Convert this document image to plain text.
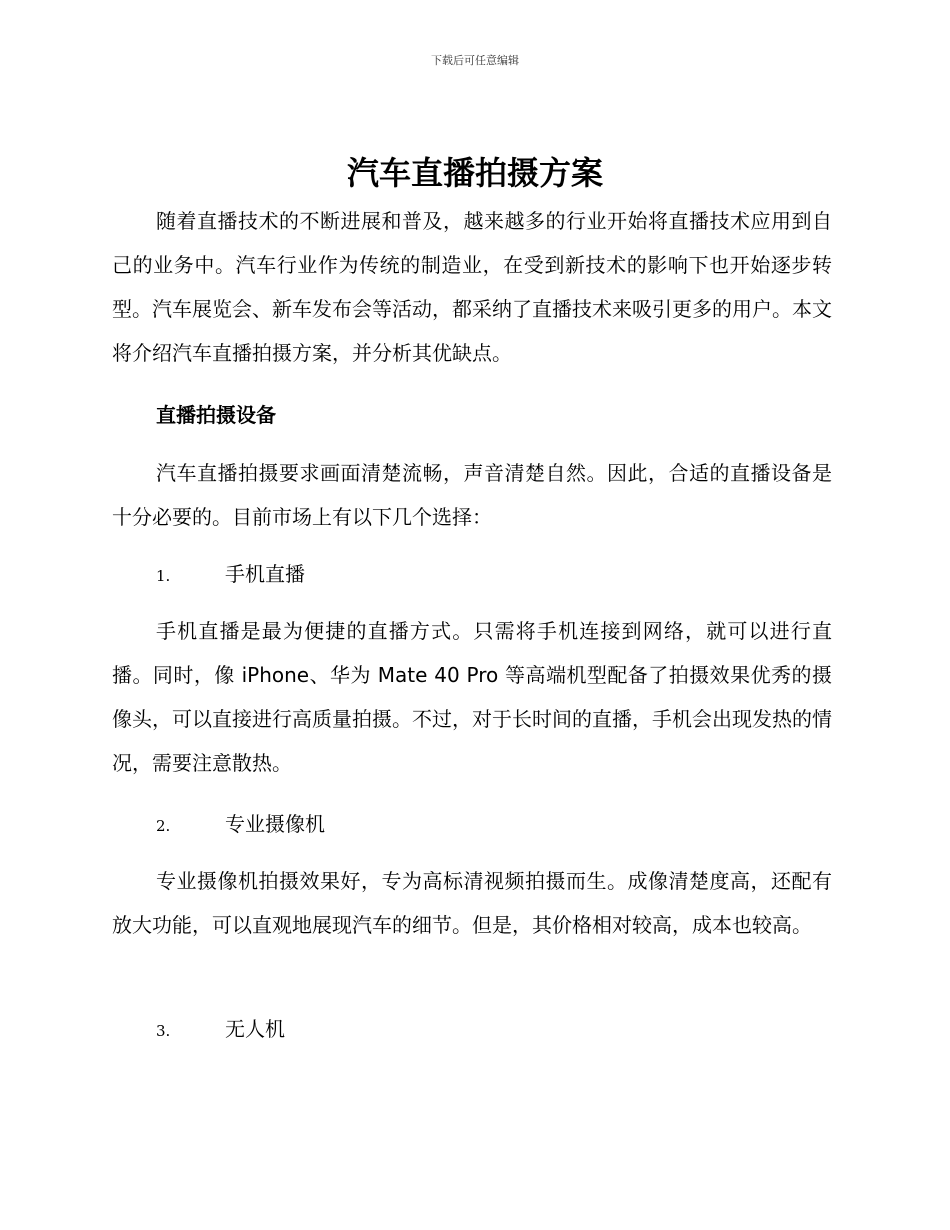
下载后可任意编辑
汽车直播拍摄方案

随着直播技术的不断进展和普及，越来越多的行业开始将直播技术应用到自己的业务中。汽车行业作为传统的制造业，在受到新技术的影响下也开始逐步转型。汽车展览会、新车发布会等活动，都采纳了直播技术来吸引更多的用户。本文将介绍汽车直播拍摄方案，并分析其优缺点。

直播拍摄设备

汽车直播拍摄要求画面清楚流畅，声音清楚自然。因此，合适的直播设备是十分必要的。目前市场上有以下几个选择：

1.	手机直播

手机直播是最为便捷的直播方式。只需将手机连接到网络，就可以进行直播。同时，像 iPhone、华为 Mate 40 Pro 等高端机型配备了拍摄效果优秀的摄像头，可以直接进行高质量拍摄。不过，对于长时间的直播，手机会出现发热的情况，需要注意散热。

2.	专业摄像机

专业摄像机拍摄效果好，专为高标清视频拍摄而生。成像清楚度高，还配有放大功能，可以直观地展现汽车的细节。但是，其价格相对较高，成本也较高。

3.	无人机
